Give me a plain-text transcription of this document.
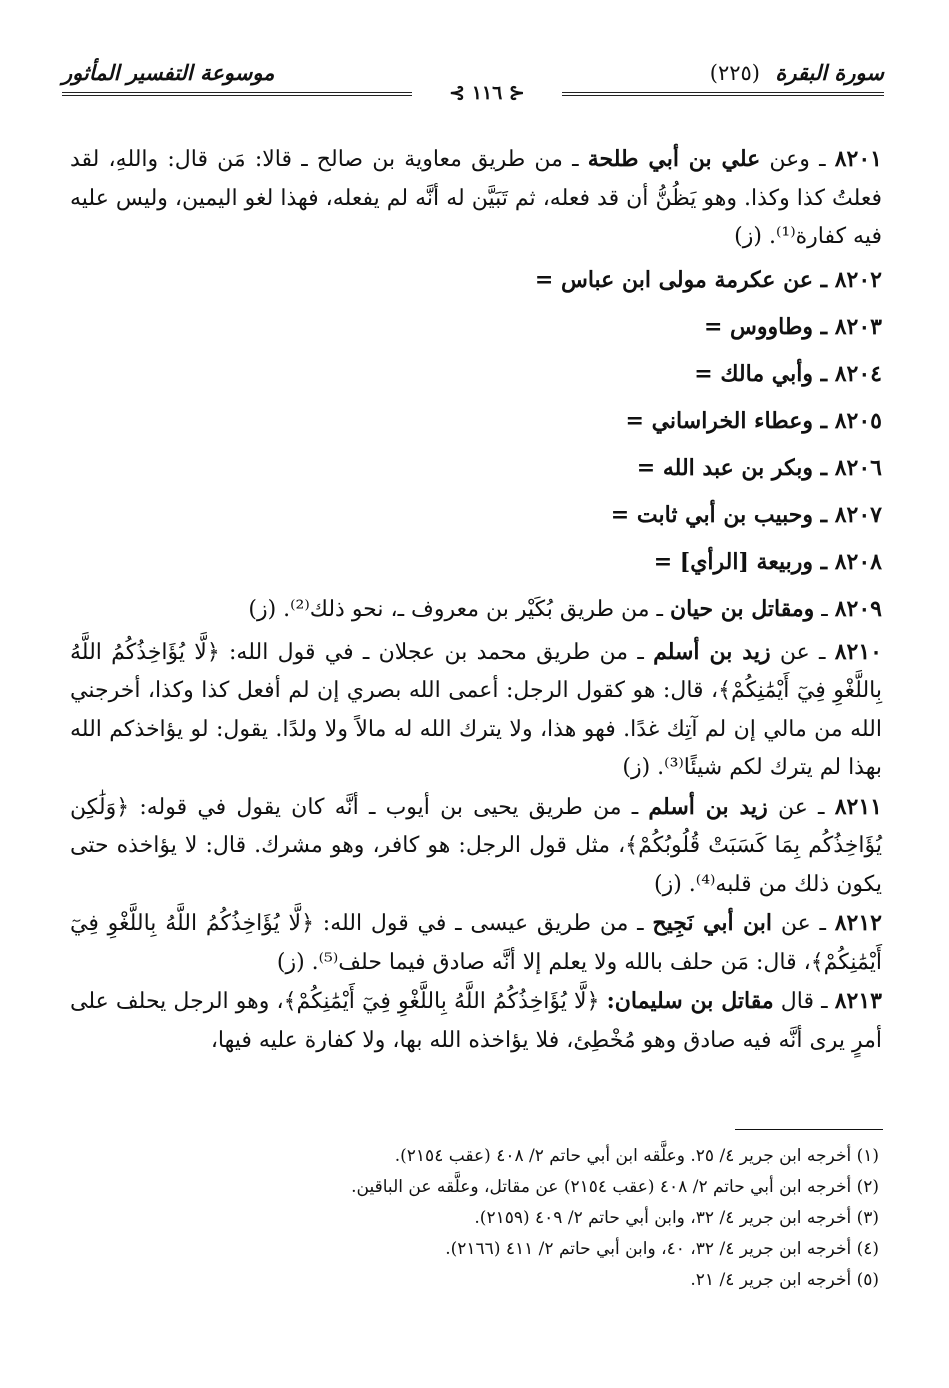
سورة البقرة (٢٢٥)
⊰ ١١٦ ⊱
موسوعة التفسير المأثور

٨٢٠١ ـ وعن علي بن أبي طلحة ـ من طريق معاوية بن صالح ـ قالا: مَن قال: واللهِ، لقد فعلتُ كذا وكذا. وهو يَظُنُّ أن قد فعله، ثم تَبَيَّن له أنَّه لم يفعله، فهذا لغو اليمين، وليس عليه فيه كفارة⁽¹⁾. (ز)

٨٢٠٢ ـ عن عكرمة مولى ابن عباس =

٨٢٠٣ ـ وطاووس =

٨٢٠٤ ـ وأبي مالك =

٨٢٠٥ ـ وعطاء الخراساني =

٨٢٠٦ ـ وبكر بن عبد الله =

٨٢٠٧ ـ وحبيب بن أبي ثابت =

٨٢٠٨ ـ وربيعة [الرأي] =

٨٢٠٩ ـ ومقاتل بن حيان ـ من طريق بُكَيْر بن معروف ـ، نحو ذلك⁽²⁾. (ز)

٨٢١٠ ـ عن زيد بن أسلم ـ من طريق محمد بن عجلان ـ في قول الله: ﴿لَّا يُؤَاخِذُكُمُ اللَّهُ بِاللَّغْوِ فِيٓ أَيْمَٰنِكُمْ﴾، قال: هو كقول الرجل: أعمى الله بصري إن لم أفعل كذا وكذا، أخرجني الله من مالي إن لم آتِك غدًا. فهو هذا، ولا يترك الله له مالاً ولا ولدًا. يقول: لو يؤاخذكم الله بهذا لم يترك لكم شيئًا⁽³⁾. (ز)

٨٢١١ ـ عن زيد بن أسلم ـ من طريق يحيى بن أيوب ـ أنَّه كان يقول في قوله: ﴿وَلَٰكِن يُؤَاخِذُكُم بِمَا كَسَبَتْ قُلُوبُكُمْ﴾، مثل قول الرجل: هو كافر، وهو مشرك. قال: لا يؤاخذه حتى يكون ذلك من قلبه⁽⁴⁾. (ز)

٨٢١٢ ـ عن ابن أبي نَجِيح ـ من طريق عيسى ـ في قول الله: ﴿لَّا يُؤَاخِذُكُمُ اللَّهُ بِاللَّغْوِ فِيٓ أَيْمَٰنِكُمْ﴾، قال: مَن حلف بالله ولا يعلم إلا أنَّه صادق فيما حلف⁽⁵⁾. (ز)

٨٢١٣ ـ قال مقاتل بن سليمان: ﴿لَّا يُؤَاخِذُكُمُ اللَّهُ بِاللَّغْوِ فِيٓ أَيْمَٰنِكُمْ﴾، وهو الرجل يحلف على أمرٍ يرى أنَّه فيه صادق وهو مُخْطِئ، فلا يؤاخذه الله بها، ولا كفارة عليه فيها،

(١) أخرجه ابن جرير ٤/ ٢٥. وعلَّقه ابن أبي حاتم ٢/ ٤٠٨ (عقب ٢١٥٤).

(٢) أخرجه ابن أبي حاتم ٢/ ٤٠٨ (عقب ٢١٥٤) عن مقاتل، وعلَّقه عن الباقين.

(٣) أخرجه ابن جرير ٤/ ٣٢، وابن أبي حاتم ٢/ ٤٠٩ (٢١٥٩).

(٤) أخرجه ابن جرير ٤/ ٣٢، ٤٠، وابن أبي حاتم ٢/ ٤١١ (٢١٦٦).

(٥) أخرجه ابن جرير ٤/ ٢١.
